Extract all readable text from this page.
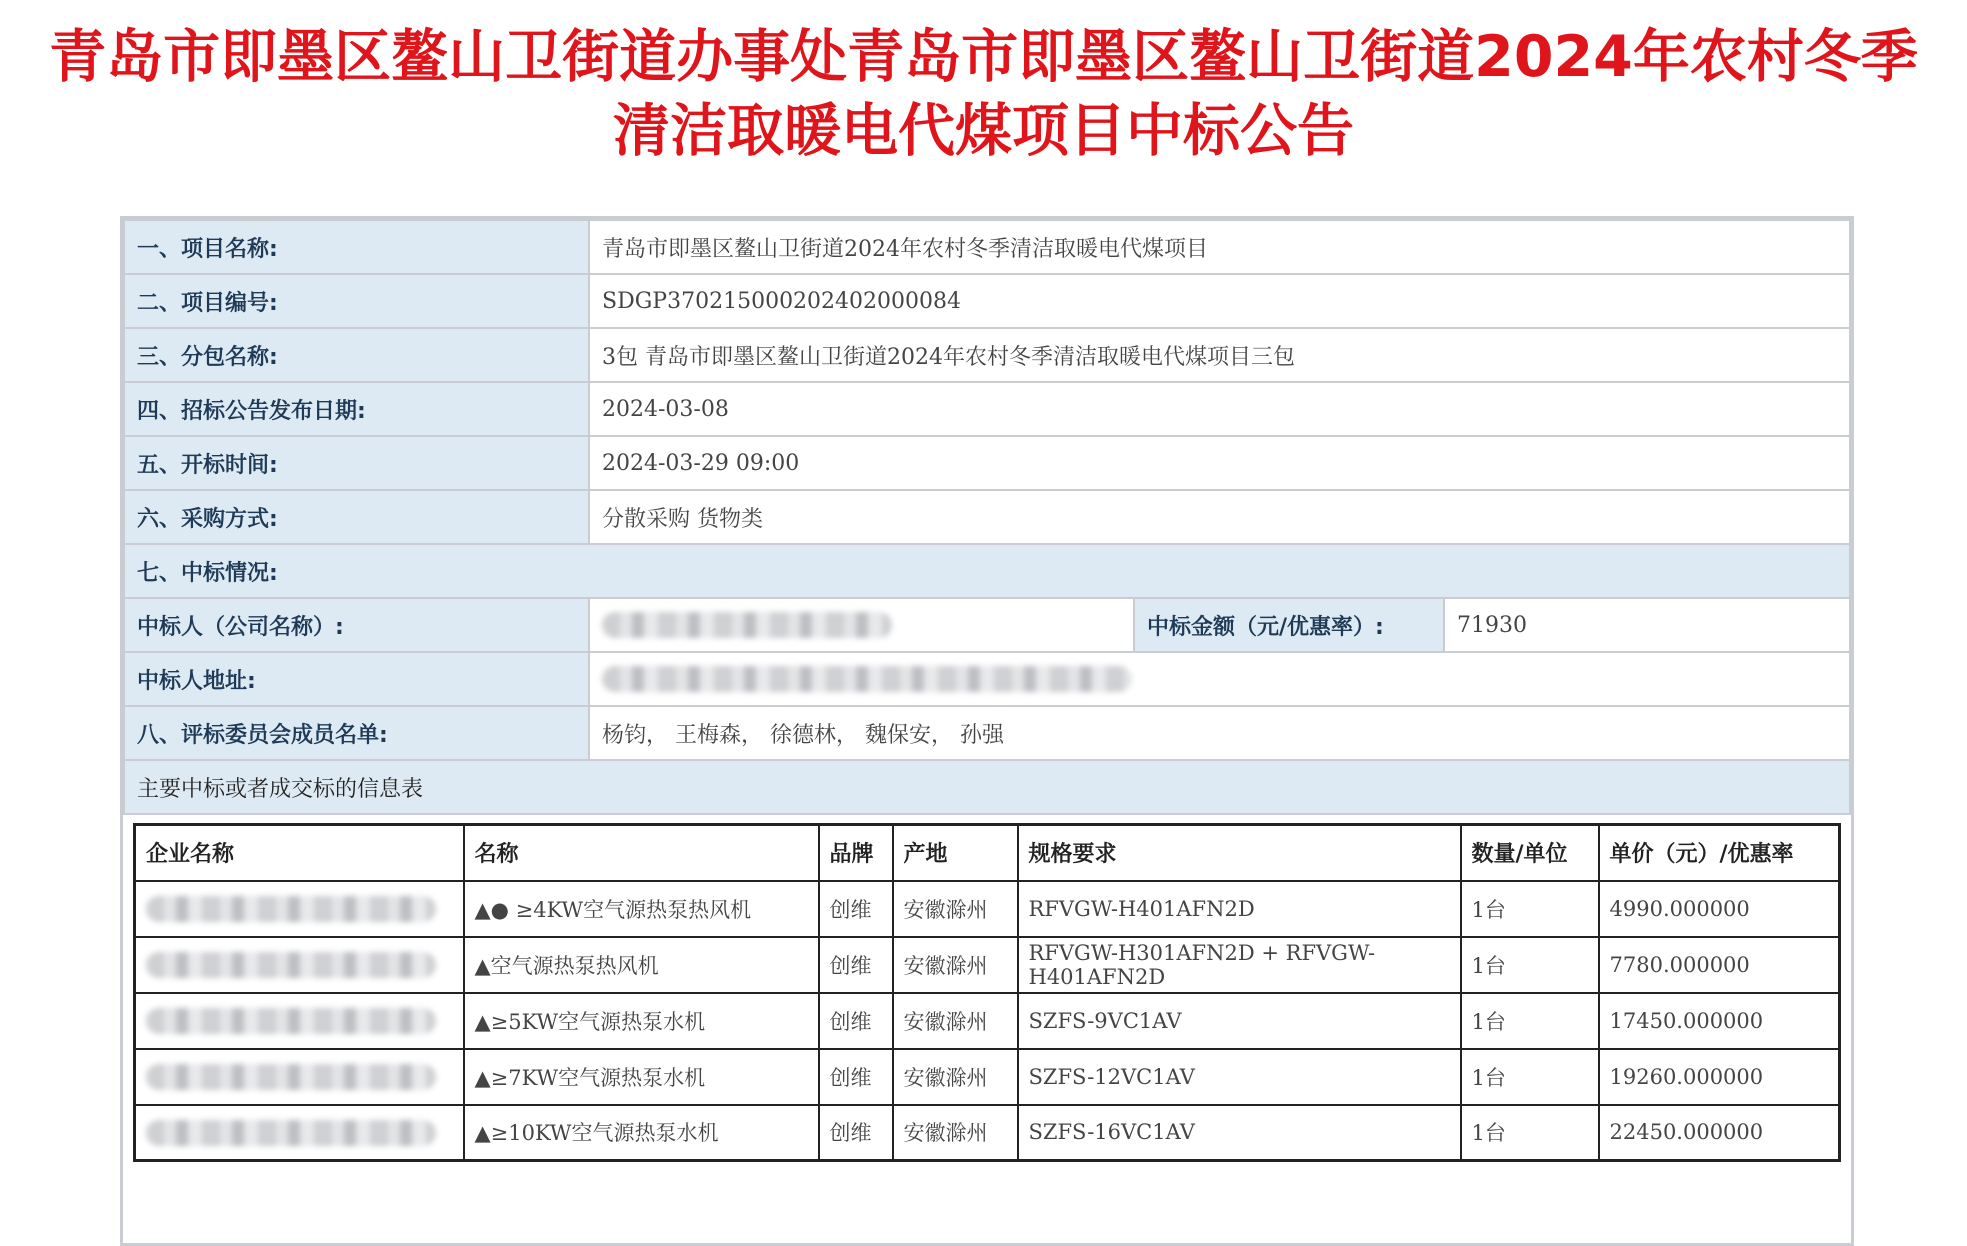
青岛市即墨区鳌山卫街道办事处青岛市即墨区鳌山卫街道2024年农村冬季清洁取暖电代煤项目中标公告
一、项目名称:	青岛市即墨区鳌山卫街道2024年农村冬季清洁取暖电代煤项目		
二、项目编号:	SDGP370215000202402000084		
三、分包名称:	3包 青岛市即墨区鳌山卫街道2024年农村冬季清洁取暖电代煤项目三包		
四、招标公告发布日期:	2024-03-08		
五、开标时间:	2024-03-29 09:00		
六、采购方式:	分散采购 货物类		
七、中标情况:			
中标人（公司名称）:		中标金额（元/优惠率）:	71930
中标人地址:			
八、评标委员会成员名单:	杨钧， 王梅森， 徐德林， 魏保安， 孙强		
主要中标或者成交标的信息表			
企业名称	名称	品牌	产地	规格要求	数量/单位	单价（元）/优惠率
	▲● ≥4KW空气源热泵热风机	创维	安徽滁州	RFVGW-H401AFN2D	1台	4990.000000
	▲空气源热泵热风机	创维	安徽滁州	RFVGW-H301AFN2D + RFVGW-H401AFN2D	1台	7780.000000
	▲≥5KW空气源热泵水机	创维	安徽滁州	SZFS-9VC1AV	1台	17450.000000
	▲≥7KW空气源热泵水机	创维	安徽滁州	SZFS-12VC1AV	1台	19260.000000
	▲≥10KW空气源热泵水机	创维	安徽滁州	SZFS-16VC1AV	1台	22450.000000
